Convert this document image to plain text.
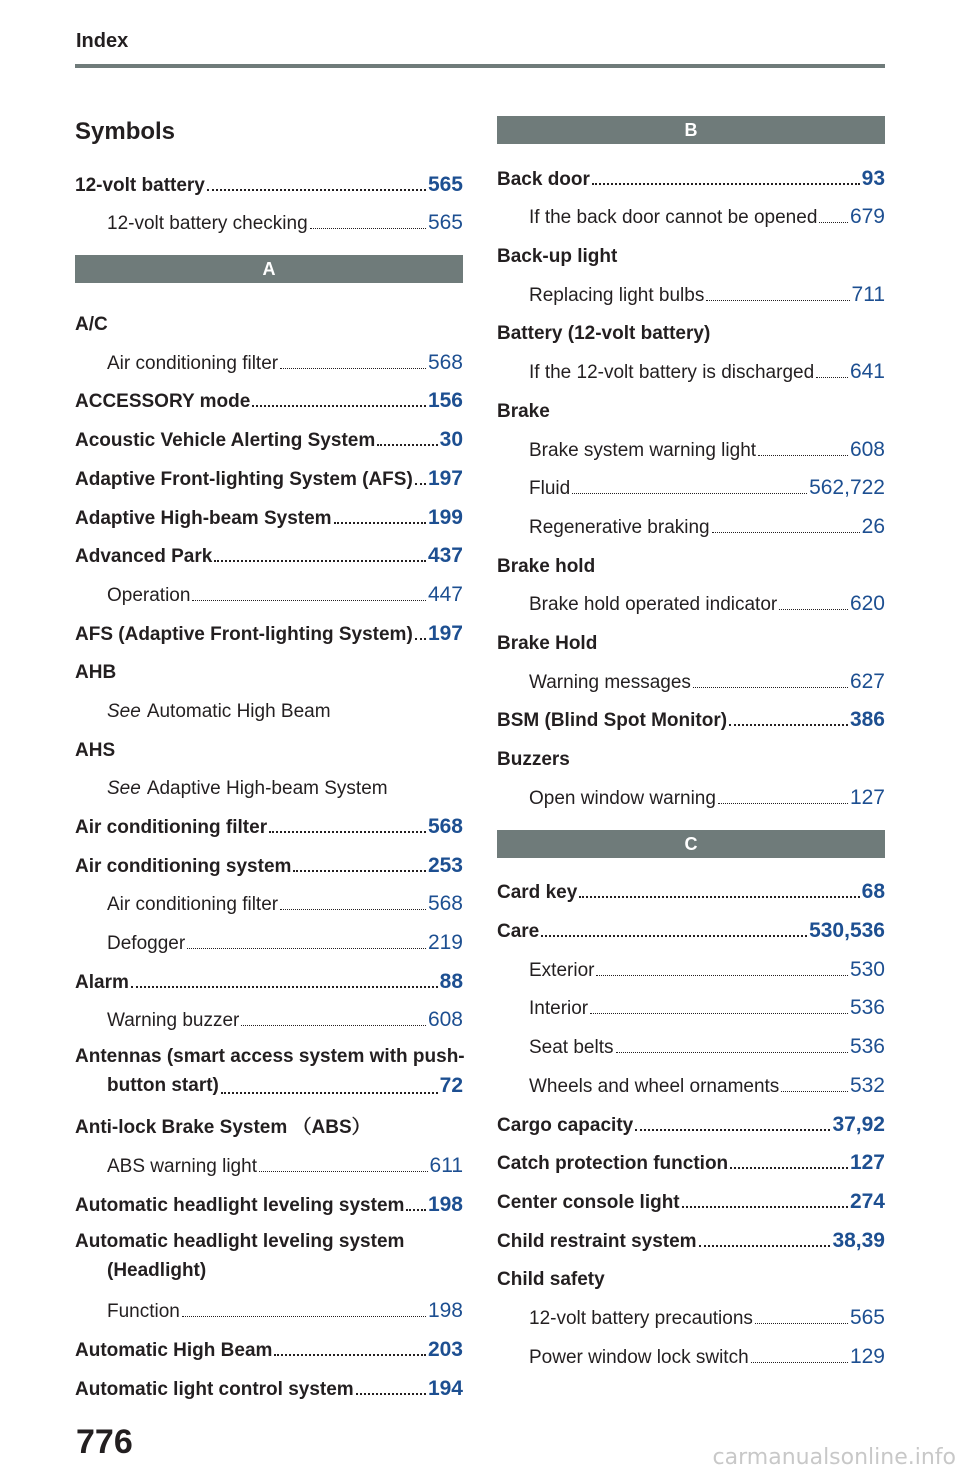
Index
Symbols
12-volt battery	565
12-volt battery checking	565
A
A/C
Air conditioning filter	568
ACCESSORY mode	156
Acoustic Vehicle Alerting System	30
Adaptive Front-lighting System (AFS) 197
Adaptive High-beam System	199
Advanced Park	437
Operation	447
AFS (Adaptive Front-lighting System) 197
AHB
See Automatic High Beam
AHS
See Adaptive High-beam System
Air conditioning filter	568
Air conditioning system	253
Air conditioning filter	568
Defogger	219
Alarm	88
Warning buzzer	608
Antennas (smart access system with push-
button start)	72
Anti-lock Brake System （ABS）
ABS warning light	611
Automatic headlight leveling system 198
Automatic headlight leveling system
(Headlight)
Function	198
Automatic High Beam	203
Automatic light control system	194
B
Back door	93
If the back door cannot be opened 679
Back-up light
Replacing light bulbs	711
Battery (12-volt battery)
If the 12-volt battery is discharged 641
Brake
Brake system warning light	608
Fluid	562,722
Regenerative braking	26
Brake hold
Brake hold operated indicator	620
Brake Hold
Warning messages	627
BSM (Blind Spot Monitor)	386
Buzzers
Open window warning	127
C
Card key	68
Care	530,536
Exterior	530
Interior	536
Seat belts	536
Wheels and wheel ornaments	532
Cargo capacity	37,92
Catch protection function	127
Center console light	274
Child restraint system	38,39
Child safety
12-volt battery precautions	565
Power window lock switch	129
776	carmanualsonline.info
